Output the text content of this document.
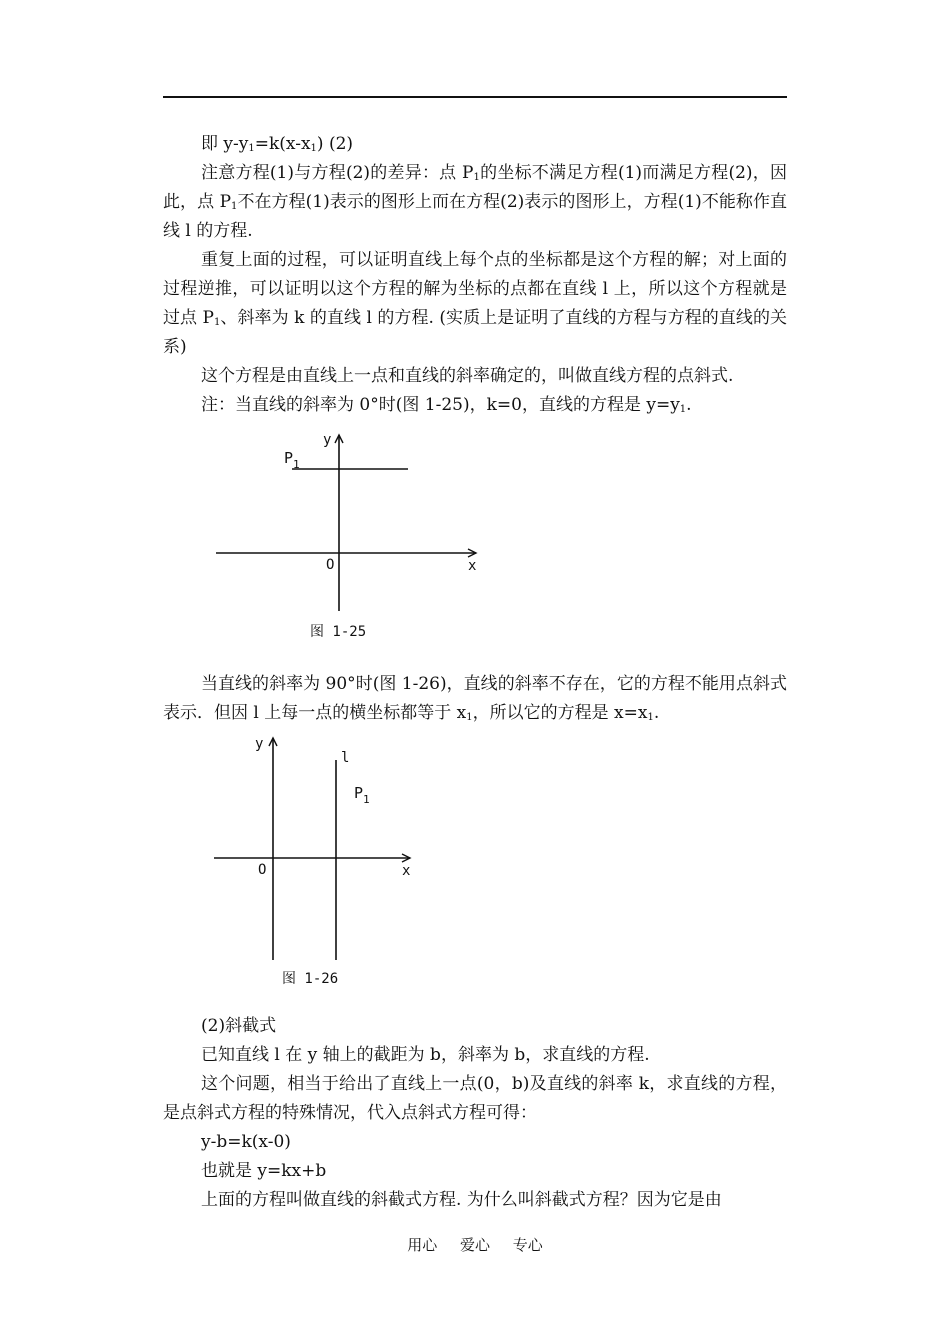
即 $y-y_1=k(x-x_1)$ (2)

注意方程(1)与方程(2)的差异：点 $P_1$的坐标不满足方程(1)而满足方程(2)，因此，点 $P_1$不在方程(1)表示的图形上而在方程(2)表示的图形上，方程(1)不能称作直线 l 的方程.

重复上面的过程，可以证明直线上每个点的坐标都是这个方程的解；对上面的过程逆推，可以证明以这个方程的解为坐标的点都在直线 l 上，所以这个方程就是过点 $P_1$、斜率为 k 的直线 l 的方程. (实质上是证明了直线的方程与方程的直线的关系)

这个方程是由直线上一点和直线的斜率确定的，叫做直线方程的点斜式.

注：当直线的斜率为 0°时(图 1-25)，k=0，直线的方程是 $y=y_1$.

y
x
O
$P_1$
图 1-25

当直线的斜率为 90°时(图 1-26)，直线的斜率不存在，它的方程不能用点斜式表示．但因 l 上每一点的横坐标都等于 $x_1$，所以它的方程是 $x=x_1$.

y
x
O
l
$P_1$
图 1-26

(2)斜截式

已知直线 l 在 y 轴上的截距为 b，斜率为 b，求直线的方程.

这个问题，相当于给出了直线上一点(0，b)及直线的斜率 k，求直线的方程，是点斜式方程的特殊情况，代入点斜式方程可得：

y-b=k(x-0)

也就是 y=kx+b

上面的方程叫做直线的斜截式方程. 为什么叫斜截式方程？因为它是由

用心 爱心 专心
